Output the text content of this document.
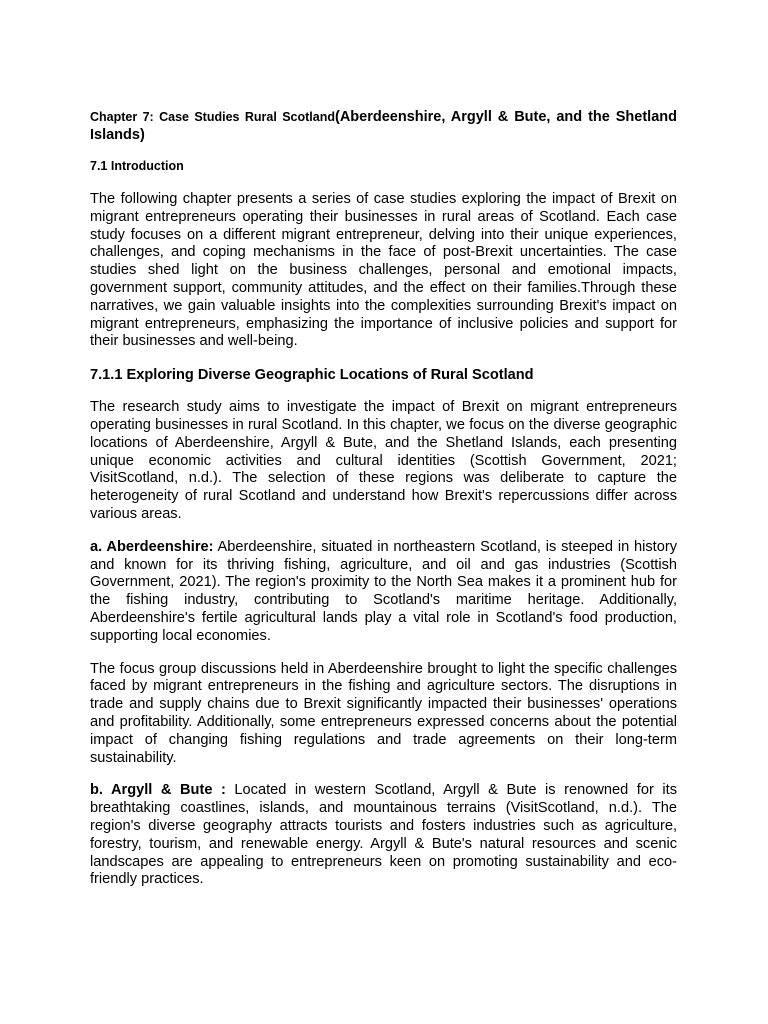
Chapter 7: Case Studies Rural Scotland(Aberdeenshire, Argyll & Bute, and the Shetland Islands)
7.1 Introduction

The following chapter presents a series of case studies exploring the impact of Brexit on migrant entrepreneurs operating their businesses in rural areas of Scotland. Each case study focuses on a different migrant entrepreneur, delving into their unique experiences, challenges, and coping mechanisms in the face of post-Brexit uncertainties. The case studies shed light on the business challenges, personal and emotional impacts, government support, community attitudes, and the effect on their families.Through these narratives, we gain valuable insights into the complexities surrounding Brexit's impact on migrant entrepreneurs, emphasizing the importance of inclusive policies and support for their businesses and well-being.

7.1.1 Exploring Diverse Geographic Locations of Rural Scotland

The research study aims to investigate the impact of Brexit on migrant entrepreneurs operating businesses in rural Scotland. In this chapter, we focus on the diverse geographic locations of Aberdeenshire, Argyll & Bute, and the Shetland Islands, each presenting unique economic activities and cultural identities (Scottish Government, 2021; VisitScotland, n.d.). The selection of these regions was deliberate to capture the heterogeneity of rural Scotland and understand how Brexit's repercussions differ across various areas.

a. Aberdeenshire: Aberdeenshire, situated in northeastern Scotland, is steeped in history and known for its thriving fishing, agriculture, and oil and gas industries (Scottish Government, 2021). The region's proximity to the North Sea makes it a prominent hub for the fishing industry, contributing to Scotland's maritime heritage. Additionally, Aberdeenshire's fertile agricultural lands play a vital role in Scotland's food production, supporting local economies.

The focus group discussions held in Aberdeenshire brought to light the specific challenges faced by migrant entrepreneurs in the fishing and agriculture sectors. The disruptions in trade and supply chains due to Brexit significantly impacted their businesses' operations and profitability. Additionally, some entrepreneurs expressed concerns about the potential impact of changing fishing regulations and trade agreements on their long-term sustainability.

b. Argyll & Bute : Located in western Scotland, Argyll & Bute is renowned for its breathtaking coastlines, islands, and mountainous terrains (VisitScotland, n.d.). The region's diverse geography attracts tourists and fosters industries such as agriculture, forestry, tourism, and renewable energy. Argyll & Bute's natural resources and scenic landscapes are appealing to entrepreneurs keen on promoting sustainability and eco-friendly practices.
